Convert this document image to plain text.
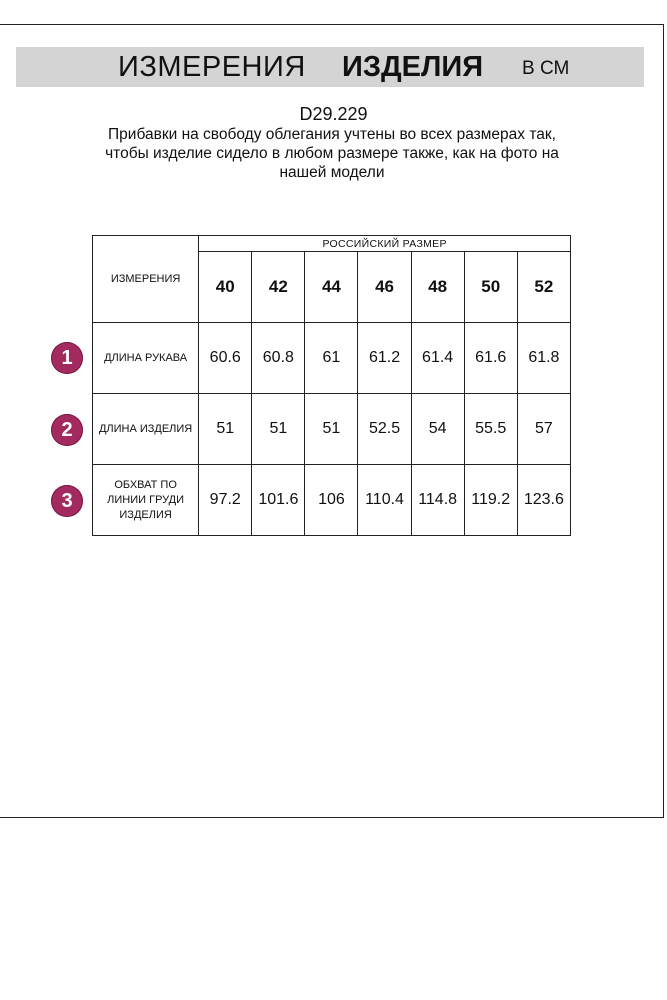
ИЗМЕРЕНИЯ ИЗДЕЛИЯ В СМ
D29.229
Прибавки на свободу облегания учтены во всех размерах так, чтобы изделие сидело в любом размере также, как на фото на нашей модели
ИЗМЕРЕНИЯ	РОССИЙСКИЙ РАЗМЕР						
	40	42	44	46	48	50	52
ДЛИНА РУКАВА	60.6	60.8	61	61.2	61.4	61.6	61.8
ДЛИНА ИЗДЕЛИЯ	51	51	51	52.5	54	55.5	57
ОБХВАТ ПО ЛИНИИ ГРУДИ ИЗДЕЛИЯ	97.2	101.6	106	110.4	114.8	119.2	123.6
1
2
3
